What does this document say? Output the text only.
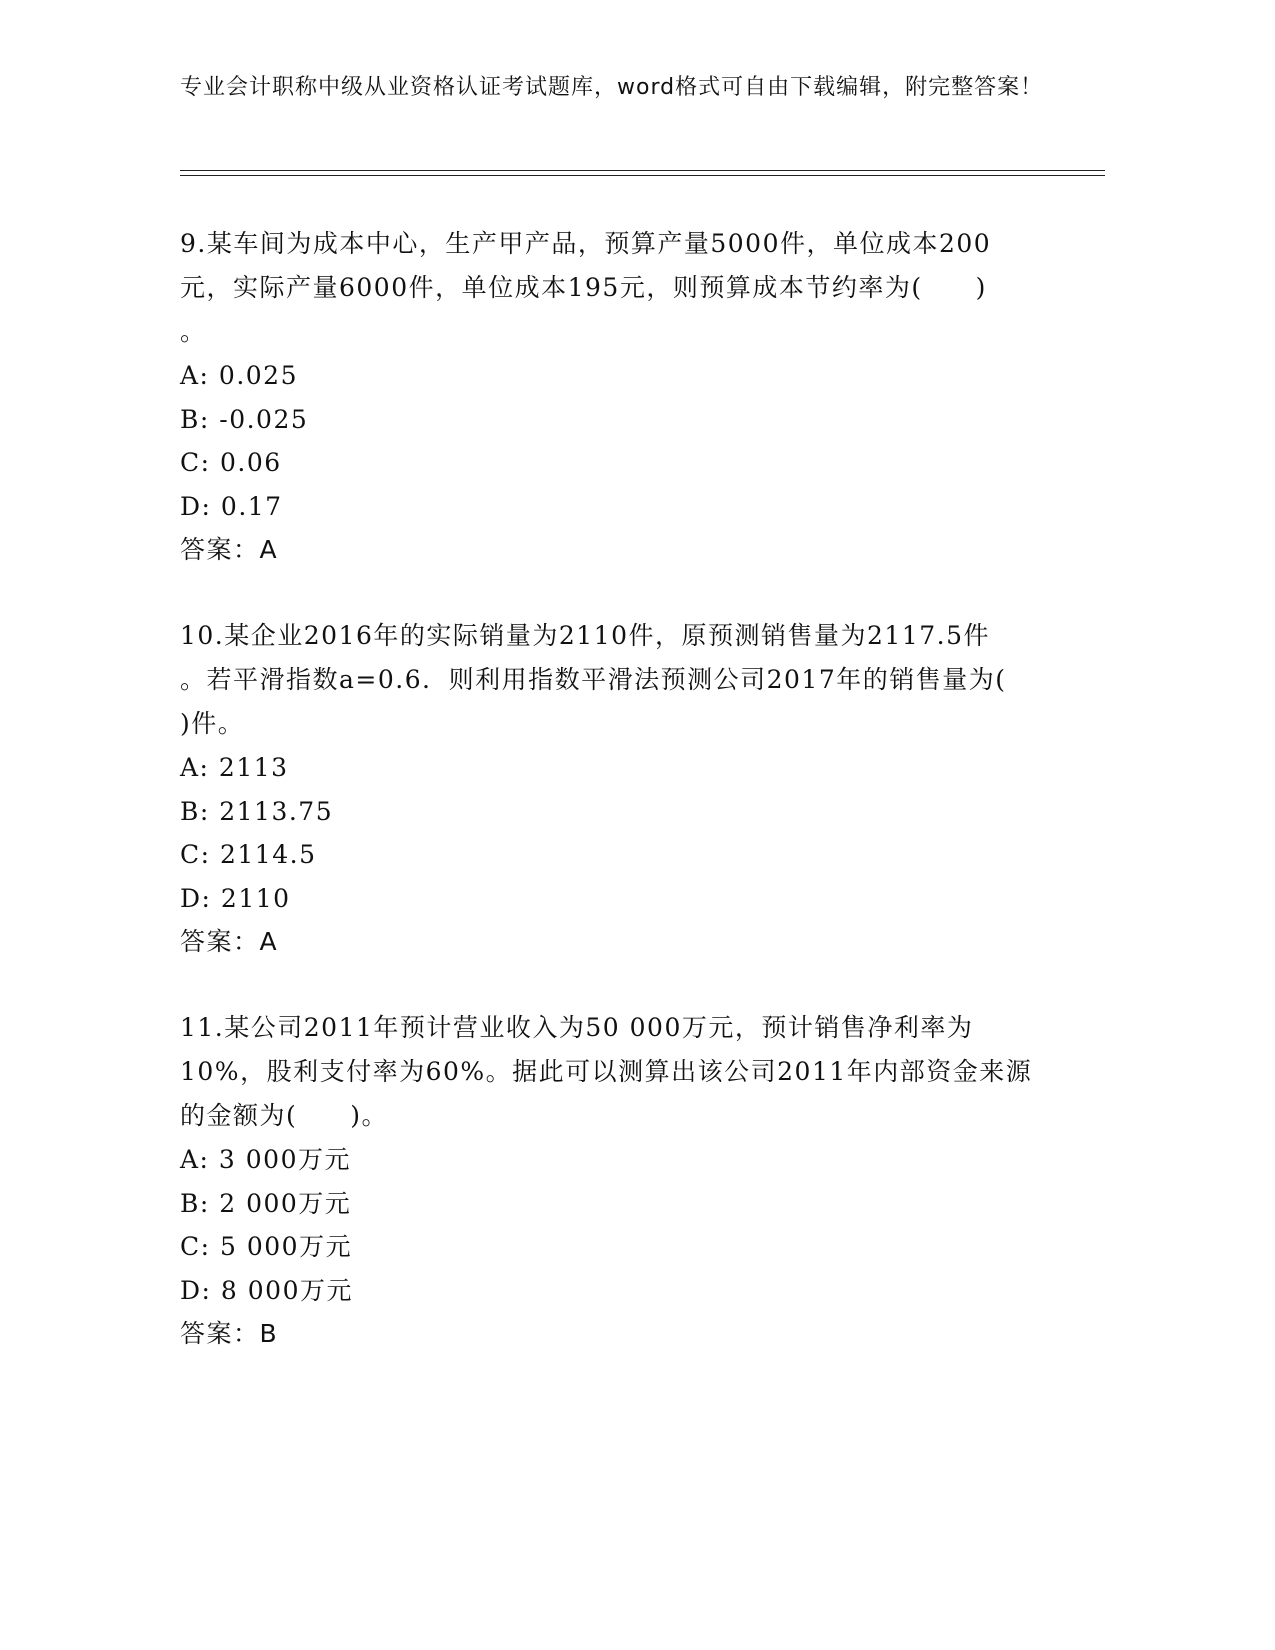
专业会计职称中级从业资格认证考试题库，word格式可自由下载编辑，附完整答案！

9.某车间为成本中心，生产甲产品，预算产量5000件，单位成本200

元，实际产量6000件，单位成本195元，则预算成本节约率为(　　)

。

A: 0.025

B: -0.025

C: 0.06

D: 0.17

答案：A

10.某企业2016年的实际销量为2110件，原预测销售量为2117.5件

。若平滑指数a=0.6．则利用指数平滑法预测公司2017年的销售量为(

)件。

A: 2113

B: 2113.75

C: 2114.5

D: 2110

答案：A

11.某公司2011年预计营业收入为50 000万元，预计销售净利率为

10%，股利支付率为60%。据此可以测算出该公司2011年内部资金来源

的金额为(　　)。

A: 3 000万元

B: 2 000万元

C: 5 000万元

D: 8 000万元

答案：B
